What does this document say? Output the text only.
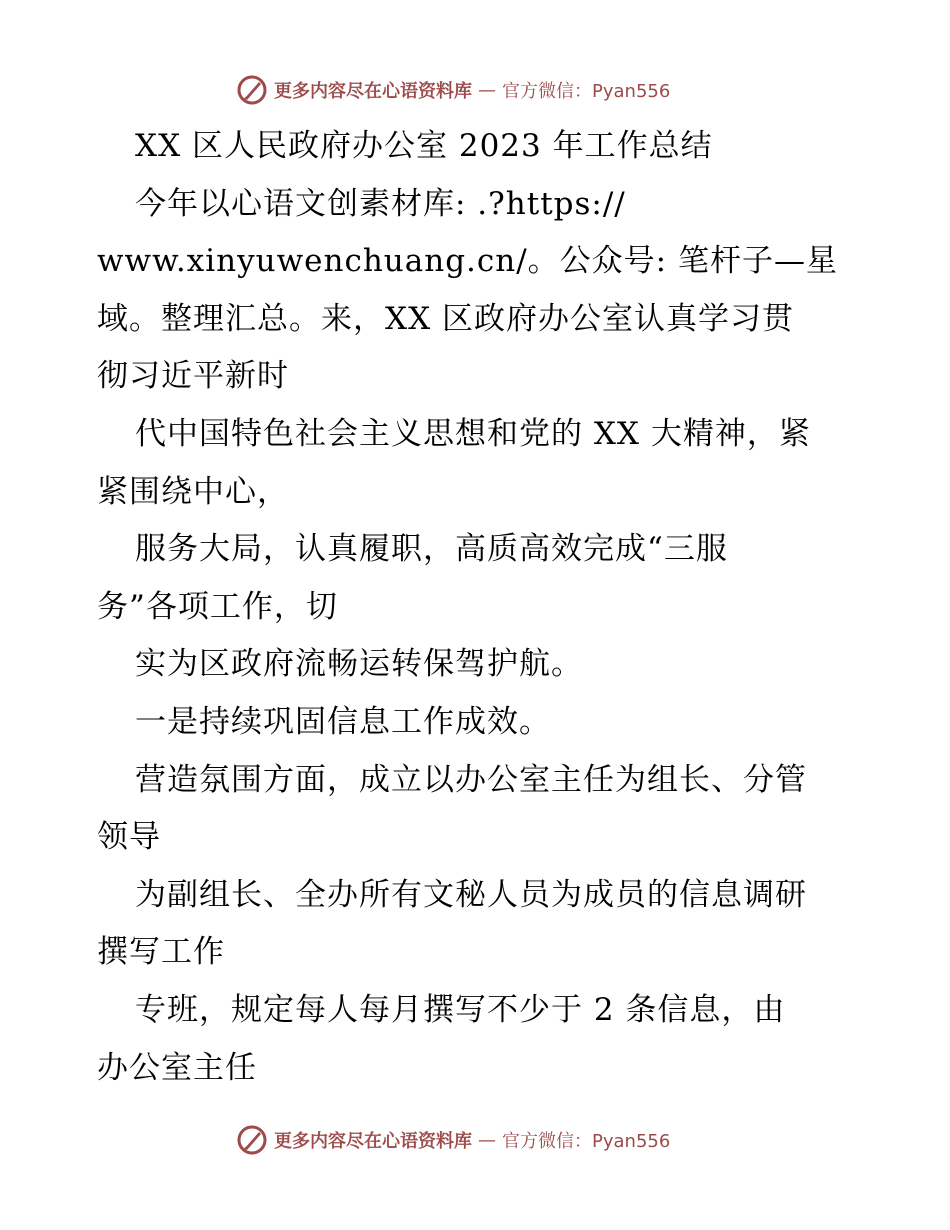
更多内容尽在心语资料库 — 官方微信：Pyan556
XX 区人民政府办公室 2023 年工作总结
今年以心语文创素材库: .?https://
www.xinyuwenchuang.cn/。公众号: 笔杆子—星
域。整理汇总。来，XX 区政府办公室认真学习贯
彻习近平新时
代中国特色社会主义思想和党的 XX 大精神，紧
紧围绕中心，
服务大局，认真履职，高质高效完成“三服
务”各项工作，切
实为区政府流畅运转保驾护航。
一是持续巩固信息工作成效。
营造氛围方面，成立以办公室主任为组长、分管
领导
为副组长、全办所有文秘人员为成员的信息调研
撰写工作
专班，规定每人每月撰写不少于 2 条信息，由
办公室主任
更多内容尽在心语资料库 — 官方微信：Pyan556
